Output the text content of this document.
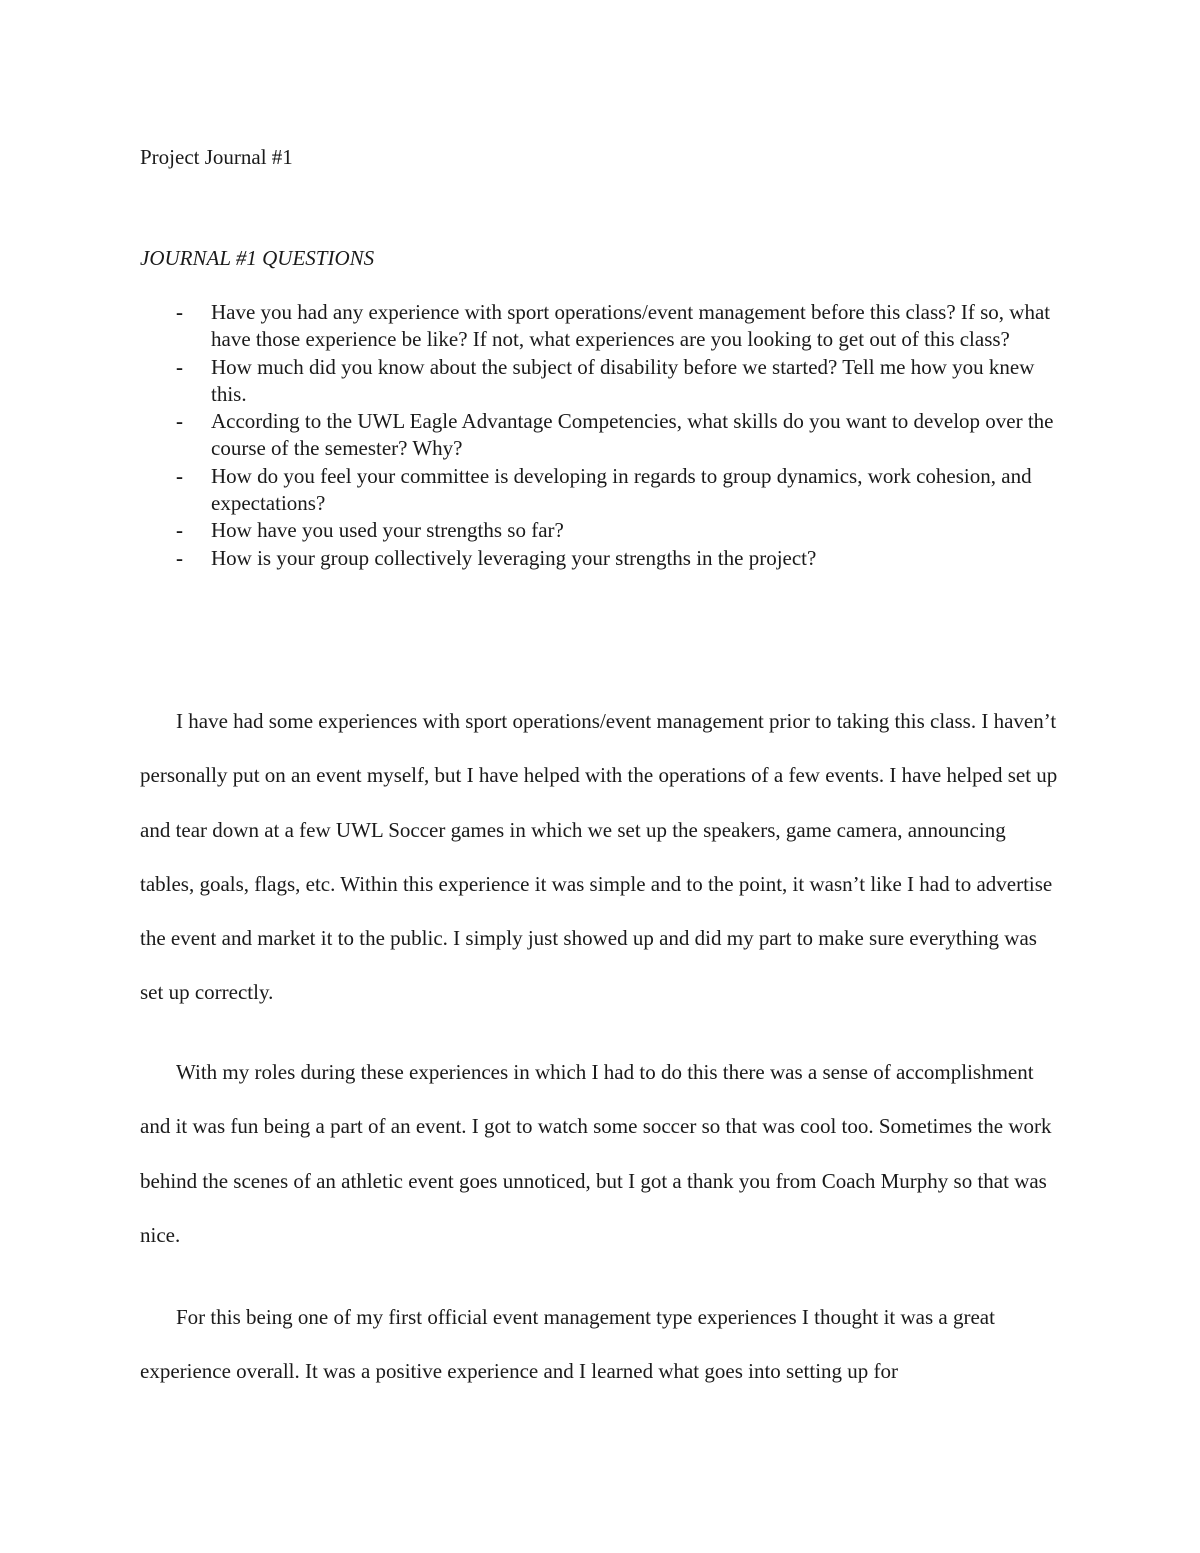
Project Journal #1
JOURNAL #1 QUESTIONS
- Have you had any experience with sport operations/event management before this class? If so, what have those experience be like? If not, what experiences are you looking to get out of this class?
- How much did you know about the subject of disability before we started? Tell me how you knew this.
- According to the UWL Eagle Advantage Competencies, what skills do you want to develop over the course of the semester? Why?
- How do you feel your committee is developing in regards to group dynamics, work cohesion, and expectations?
- How have you used your strengths so far?
- How is your group collectively leveraging your strengths in the project?

I have had some experiences with sport operations/event management prior to taking this class. I haven’t personally put on an event myself, but I have helped with the operations of a few events. I have helped set up and tear down at a few UWL Soccer games in which we set up the speakers, game camera, announcing tables, goals, flags, etc. Within this experience it was simple and to the point, it wasn’t like I had to advertise the event and market it to the public. I simply just showed up and did my part to make sure everything was set up correctly.

With my roles during these experiences in which I had to do this there was a sense of accomplishment and it was fun being a part of an event. I got to watch some soccer so that was cool too. Sometimes the work behind the scenes of an athletic event goes unnoticed, but I got a thank you from Coach Murphy so that was nice.

For this being one of my first official event management type experiences I thought it was a great experience overall. It was a positive experience and I learned what goes into setting up for
